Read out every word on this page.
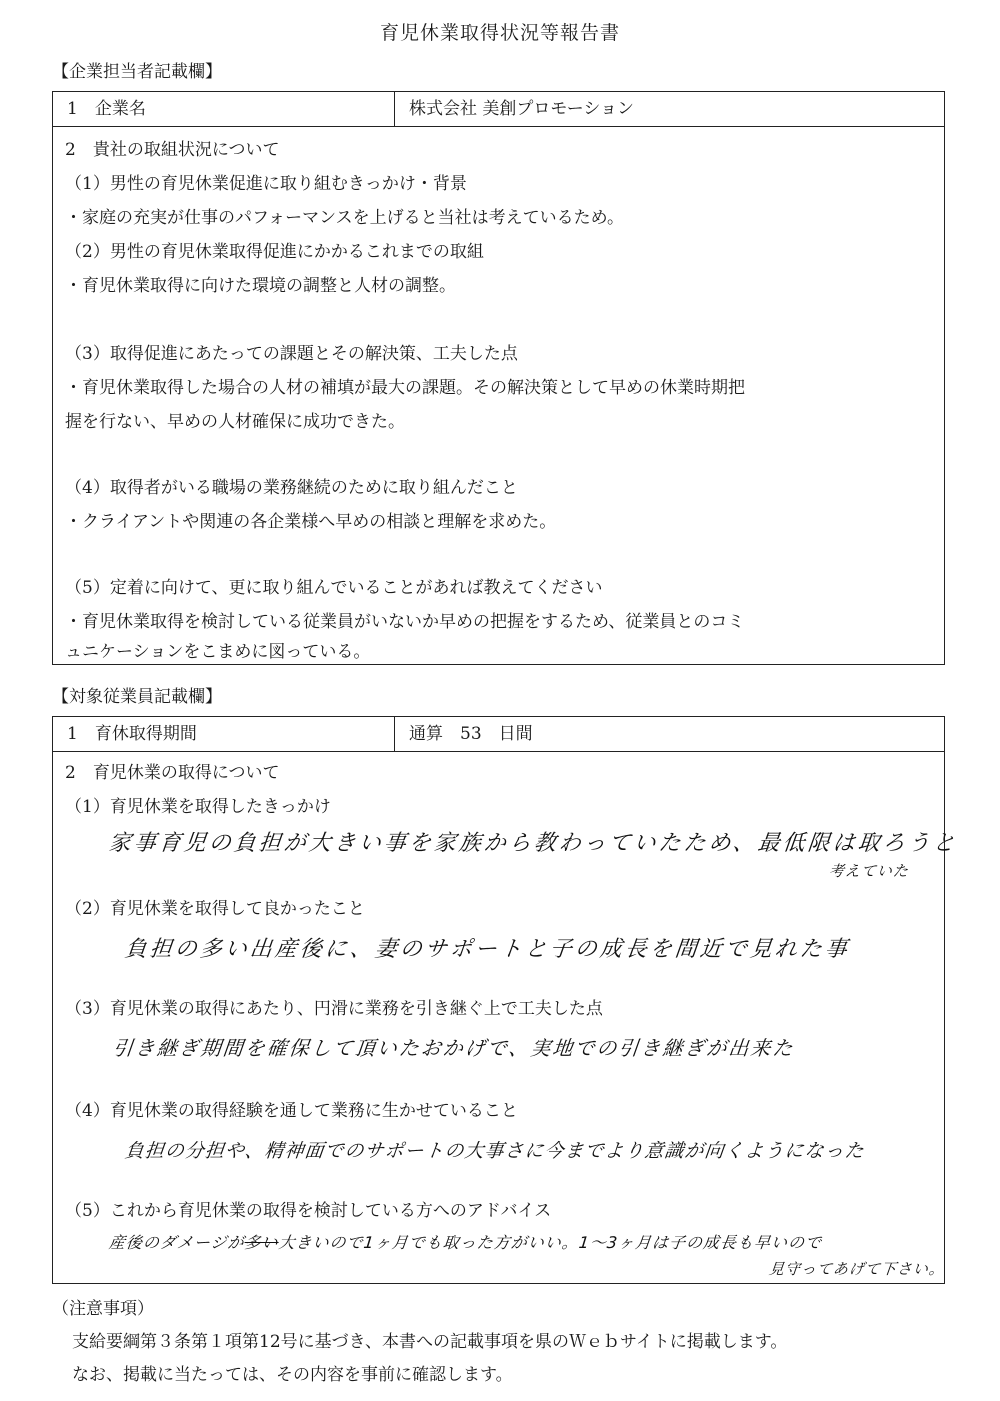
育児休業取得状況等報告書
【企業担当者記載欄】
1　企業名	株式会社 美創プロモーション
2　貴社の取組状況について
（1）男性の育児休業促進に取り組むきっかけ・背景
・家庭の充実が仕事のパフォーマンスを上げると当社は考えているため。
（2）男性の育児休業取得促進にかかるこれまでの取組
・育児休業取得に向けた環境の調整と人材の調整。
（3）取得促進にあたっての課題とその解決策、工夫した点
・育児休業取得した場合の人材の補填が最大の課題。その解決策として早めの休業時期把
握を行ない、早めの人材確保に成功できた。
（4）取得者がいる職場の業務継続のために取り組んだこと
・クライアントや関連の各企業様へ早めの相談と理解を求めた。
（5）定着に向けて、更に取り組んでいることがあれば教えてください
・育児休業取得を検討している従業員がいないか早めの把握をするため、従業員とのコミ
ュニケーションをこまめに図っている。
【対象従業員記載欄】
1　育休取得期間	通算　53　日間
2　育児休業の取得について
（1）育児休業を取得したきっかけ
家事育児の負担が大きい事を家族から教わっていたため、最低限は取ろうと
考えていた
（2）育児休業を取得して良かったこと
負担の多い出産後に、妻のサポートと子の成長を間近で見れた事
（3）育児休業の取得にあたり、円滑に業務を引き継ぐ上で工夫した点
引き継ぎ期間を確保して頂いたおかげで、実地での引き継ぎが出来た
（4）育児休業の取得経験を通して業務に生かせていること
負担の分担や、精神面でのサポートの大事さに今までより意識が向くようになった
（5）これから育児休業の取得を検討している方へのアドバイス
産後のダメージが多い大きいので1ヶ月でも取った方がいい。1〜3ヶ月は子の成長も早いので
見守ってあげて下さい。
（注意事項）
支給要綱第３条第１項第12号に基づき、本書への記載事項を県のＷｅｂサイトに掲載します。
なお、掲載に当たっては、その内容を事前に確認します。
